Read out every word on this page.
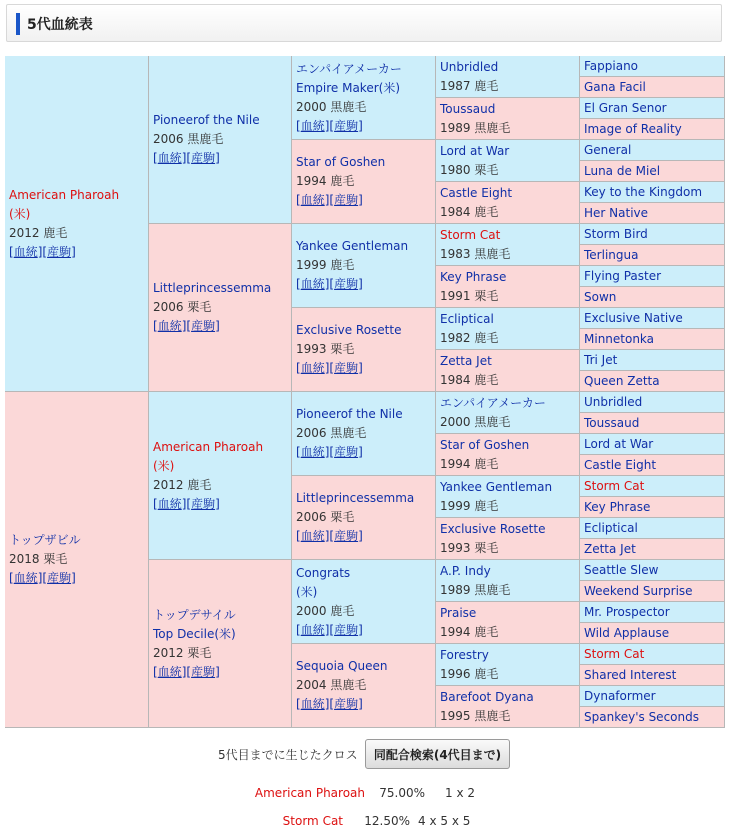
5代血統表
American Pharoah
(米)
2012 鹿毛
[血統][産駒]
トップザビル
2018 栗毛
[血統][産駒]
Pioneerof the Nile
2006 黒鹿毛
[血統][産駒]
Littleprincessemma
2006 栗毛
[血統][産駒]
American Pharoah
(米)
2012 鹿毛
[血統][産駒]
トップデサイル
Top Decile(米)
2012 栗毛
[血統][産駒]
エンパイアメーカー
Empire Maker(米)
2000 黒鹿毛
[血統][産駒]
Star of Goshen
1994 鹿毛
[血統][産駒]
Yankee Gentleman
1999 鹿毛
[血統][産駒]
Exclusive Rosette
1993 栗毛
[血統][産駒]
Pioneerof the Nile
2006 黒鹿毛
[血統][産駒]
Littleprincessemma
2006 栗毛
[血統][産駒]
Congrats
(米)
2000 鹿毛
[血統][産駒]
Sequoia Queen
2004 黒鹿毛
[血統][産駒]
Unbridled
1987 鹿毛
Toussaud
1989 黒鹿毛
Lord at War
1980 栗毛
Castle Eight
1984 鹿毛
Storm Cat
1983 黒鹿毛
Key Phrase
1991 栗毛
Ecliptical
1982 鹿毛
Zetta Jet
1984 鹿毛
エンパイアメーカー
2000 黒鹿毛
Star of Goshen
1994 鹿毛
Yankee Gentleman
1999 鹿毛
Exclusive Rosette
1993 栗毛
A.P. Indy
1989 黒鹿毛
Praise
1994 鹿毛
Forestry
1996 鹿毛
Barefoot Dyana
1995 黒鹿毛
Fappiano
Gana Facil
El Gran Senor
Image of Reality
General
Luna de Miel
Key to the Kingdom
Her Native
Storm Bird
Terlingua
Flying Paster
Sown
Exclusive Native
Minnetonka
Tri Jet
Queen Zetta
Unbridled
Toussaud
Lord at War
Castle Eight
Storm Cat
Key Phrase
Ecliptical
Zetta Jet
Seattle Slew
Weekend Surprise
Mr. Prospector
Wild Applause
Storm Cat
Shared Interest
Dynaformer
Spankey's Seconds
5代目までに生じたクロス	同配合検索(4代目まで)
American Pharoah 75.00% 1 x 2
Storm Cat 12.50% 4 x 5 x 5
